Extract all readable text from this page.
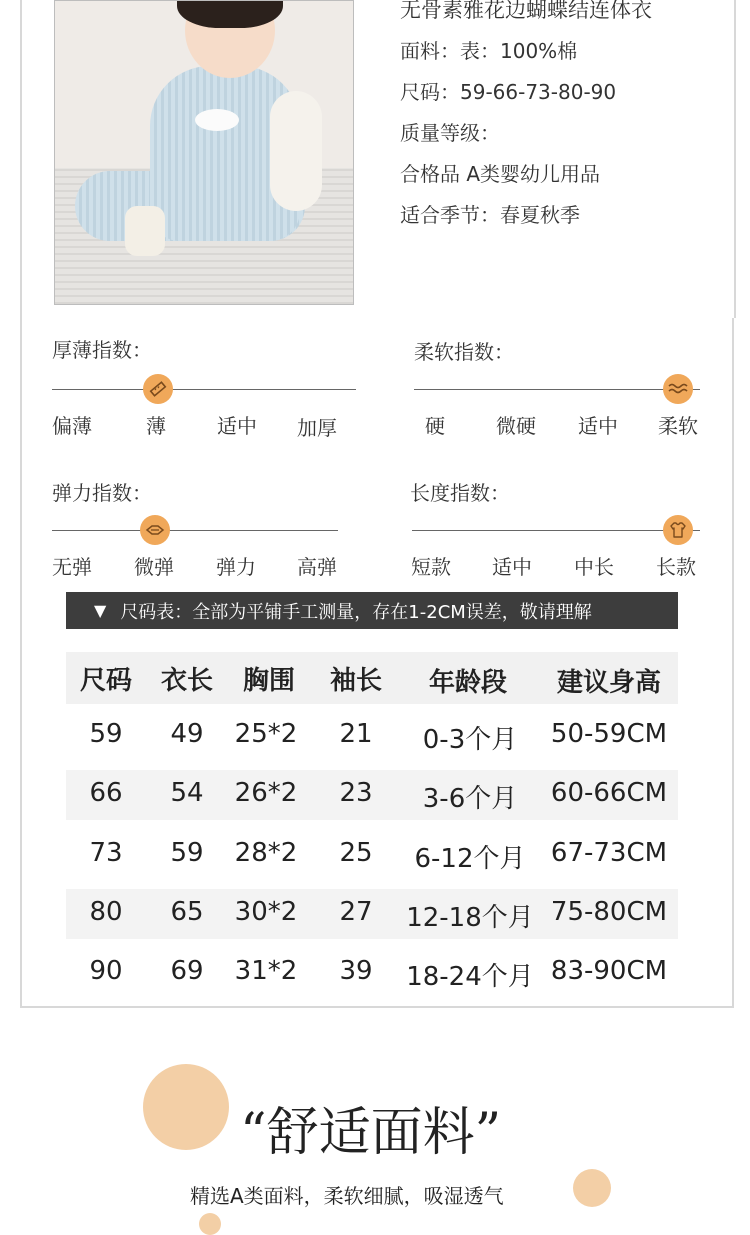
无骨素雅花边蝴蝶结连体衣
面料：表：100%棉
尺码：59-66-73-80-90
质量等级：
合格品 A类婴幼儿用品
适合季节：春夏秋季
厚薄指数：
偏薄	薄	适中 加厚
柔软指数：
硬	微硬 适中 柔软
弹力指数：
无弹 微弹 弹力 高弹
长度指数：
短款 适中 中长 长款
▼ 尺码表：全部为平铺手工测量，存在1-2CM误差，敬请理解
尺码	衣长	胸围	袖长	年龄段	建议身高
59	49	25*2	21	0-3个月	50-59CM
66	54	26*2	23	3-6个月	60-66CM
73	59	28*2	25	6-12个月 67-73CM
80	65	30*2	27	12-18个月 75-80CM
90	69	31*2	39	18-24个月 83-90CM
“舒适面料”
精选A类面料，柔软细腻，吸湿透气
